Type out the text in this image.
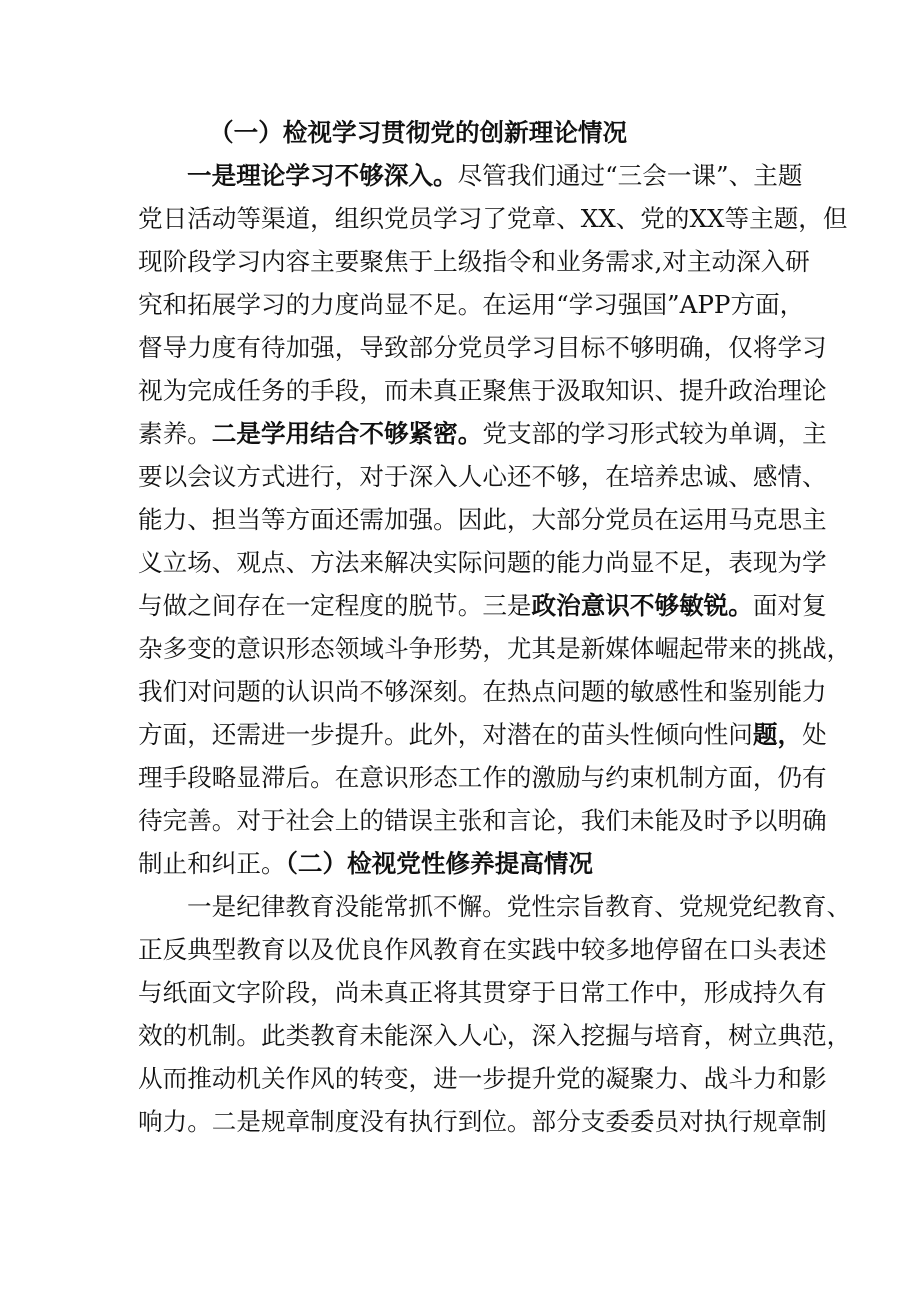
（一）检视学习贯彻党的创新理论情况
一是理论学习不够深入。尽管我们通过“三会一课”、主题
党日活动等渠道，组织党员学习了党章、XX、党的XX等主题，但
现阶段学习内容主要聚焦于上级指令和业务需求,对主动深入研
究和拓展学习的力度尚显不足。在运用“学习强国”APP方面，
督导力度有待加强，导致部分党员学习目标不够明确，仅将学习
视为完成任务的手段，而未真正聚焦于汲取知识、提升政治理论
素养。二是学用结合不够紧密。党支部的学习形式较为单调，主
要以会议方式进行，对于深入人心还不够，在培养忠诚、感情、
能力、担当等方面还需加强。因此，大部分党员在运用马克思主
义立场、观点、方法来解决实际问题的能力尚显不足，表现为学
与做之间存在一定程度的脱节。三是政治意识不够敏锐。面对复
杂多变的意识形态领域斗争形势，尤其是新媒体崛起带来的挑战，
我们对问题的认识尚不够深刻。在热点问题的敏感性和鉴别能力
方面，还需进一步提升。此外，对潜在的苗头性倾向性问题，处
理手段略显滞后。在意识形态工作的激励与约束机制方面，仍有
待完善。对于社会上的错误主张和言论，我们未能及时予以明确
制止和纠正。（二）检视党性修养提高情况
一是纪律教育没能常抓不懈。党性宗旨教育、党规党纪教育、
正反典型教育以及优良作风教育在实践中较多地停留在口头表述
与纸面文字阶段，尚未真正将其贯穿于日常工作中，形成持久有
效的机制。此类教育未能深入人心，深入挖掘与培育，树立典范，
从而推动机关作风的转变，进一步提升党的凝聚力、战斗力和影
响力。二是规章制度没有执行到位。部分支委委员对执行规章制
